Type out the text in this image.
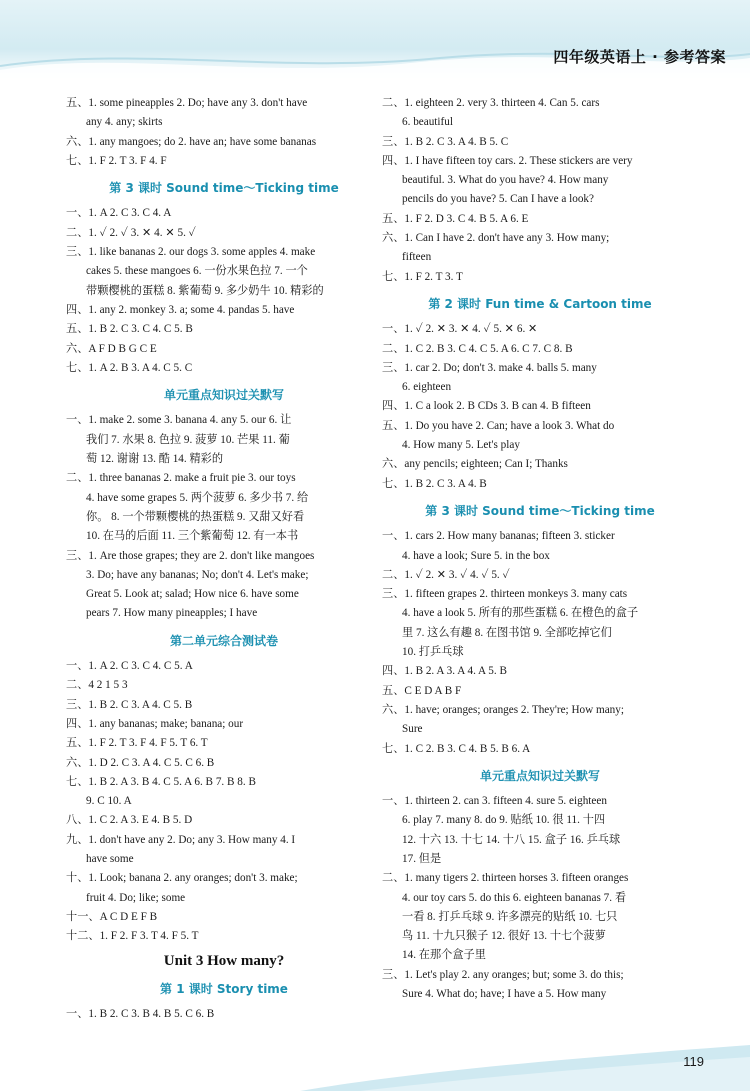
四年级英语上 · 参考答案
五、1. some pineapples 2. Do; have any 3. don't have
any 4. any; skirts
六、1. any mangoes; do 2. have an; have some bananas
七、1. F 2. T 3. F 4. F
第 3 课时 Sound time～Ticking time
一、1. A 2. C 3. C 4. A
二、1. ✓ 2. ✓ 3. ✕ 4. ✕ 5. ✓
三、1. like bananas 2. our dogs 3. some apples 4. make
cakes 5. these mangoes 6. 一份水果色拉 7. 一个
带颗樱桃的蛋糕 8. 紫葡萄 9. 多少奶牛 10. 精彩的
四、1. any 2. monkey 3. a; some 4. pandas 5. have
五、1. B 2. C 3. C 4. C 5. B
六、A F D B G C E
七、1. A 2. B 3. A 4. C 5. C
单元重点知识过关默写
一、1. make 2. some 3. banana 4. any 5. our 6. 让
我们 7. 水果 8. 色拉 9. 菠萝 10. 芒果 11. 葡
萄 12. 谢谢 13. 酷 14. 精彩的
二、1. three bananas 2. make a fruit pie 3. our toys
4. have some grapes 5. 两个菠萝 6. 多少书 7. 给
你。 8. 一个带颗樱桃的热蛋糕 9. 又甜又好看
10. 在马的后面 11. 三个紫葡萄 12. 有一本书
三、1. Are those grapes; they are 2. don't like mangoes
3. Do; have any bananas; No; don't 4. Let's make;
Great 5. Look at; salad; How nice 6. have some
pears 7. How many pineapples; I have
第二单元综合测试卷
一、1. A 2. C 3. C 4. C 5. A
二、4 2 1 5 3
三、1. B 2. C 3. A 4. C 5. B
四、1. any bananas; make; banana; our
五、1. F 2. T 3. F 4. F 5. T 6. T
六、1. D 2. C 3. A 4. C 5. C 6. B
七、1. B 2. A 3. B 4. C 5. A 6. B 7. B 8. B
9. C 10. A
八、1. C 2. A 3. E 4. B 5. D
九、1. don't have any 2. Do; any 3. How many 4. I
have some
十、1. Look; banana 2. any oranges; don't 3. make;
fruit 4. Do; like; some
十一、A C D E F B
十二、1. F 2. F 3. T 4. F 5. T
Unit 3 How many?
第 1 课时 Story time
一、1. B 2. C 3. B 4. B 5. C 6. B
二、1. eighteen 2. very 3. thirteen 4. Can 5. cars
6. beautiful
三、1. B 2. C 3. A 4. B 5. C
四、1. I have fifteen toy cars. 2. These stickers are very
beautiful. 3. What do you have? 4. How many
pencils do you have? 5. Can I have a look?
五、1. F 2. D 3. C 4. B 5. A 6. E
六、1. Can I have 2. don't have any 3. How many;
fifteen
七、1. F 2. T 3. T
第 2 课时 Fun time & Cartoon time
一、1. ✓ 2. ✕ 3. ✕ 4. ✓ 5. ✕ 6. ✕
二、1. C 2. B 3. C 4. C 5. A 6. C 7. C 8. B
三、1. car 2. Do; don't 3. make 4. balls 5. many
6. eighteen
四、1. C a look 2. B CDs 3. B can 4. B fifteen
五、1. Do you have 2. Can; have a look 3. What do
4. How many 5. Let's play
六、any pencils; eighteen; Can I; Thanks
七、1. B 2. C 3. A 4. B
第 3 课时 Sound time～Ticking time
一、1. cars 2. How many bananas; fifteen 3. sticker
4. have a look; Sure 5. in the box
二、1. ✓ 2. ✕ 3. ✓ 4. ✓ 5. ✓
三、1. fifteen grapes 2. thirteen monkeys 3. many cats
4. have a look 5. 所有的那些蛋糕 6. 在橙色的盒子
里 7. 这么有趣 8. 在图书馆 9. 全部吃掉它们
10. 打乒乓球
四、1. B 2. A 3. A 4. A 5. B
五、C E D A B F
六、1. have; oranges; oranges 2. They're; How many;
Sure
七、1. C 2. B 3. C 4. B 5. B 6. A
单元重点知识过关默写
一、1. thirteen 2. can 3. fifteen 4. sure 5. eighteen
6. play 7. many 8. do 9. 贴纸 10. 很 11. 十四
12. 十六 13. 十七 14. 十八 15. 盒子 16. 乒乓球
17. 但是
二、1. many tigers 2. thirteen horses 3. fifteen oranges
4. our toy cars 5. do this 6. eighteen bananas 7. 看
一看 8. 打乒乓球 9. 许多漂亮的贴纸 10. 七只
鸟 11. 十九只猴子 12. 很好 13. 十七个菠萝
14. 在那个盒子里
三、1. Let's play 2. any oranges; but; some 3. do this;
Sure 4. What do; have; I have a 5. How many
119
